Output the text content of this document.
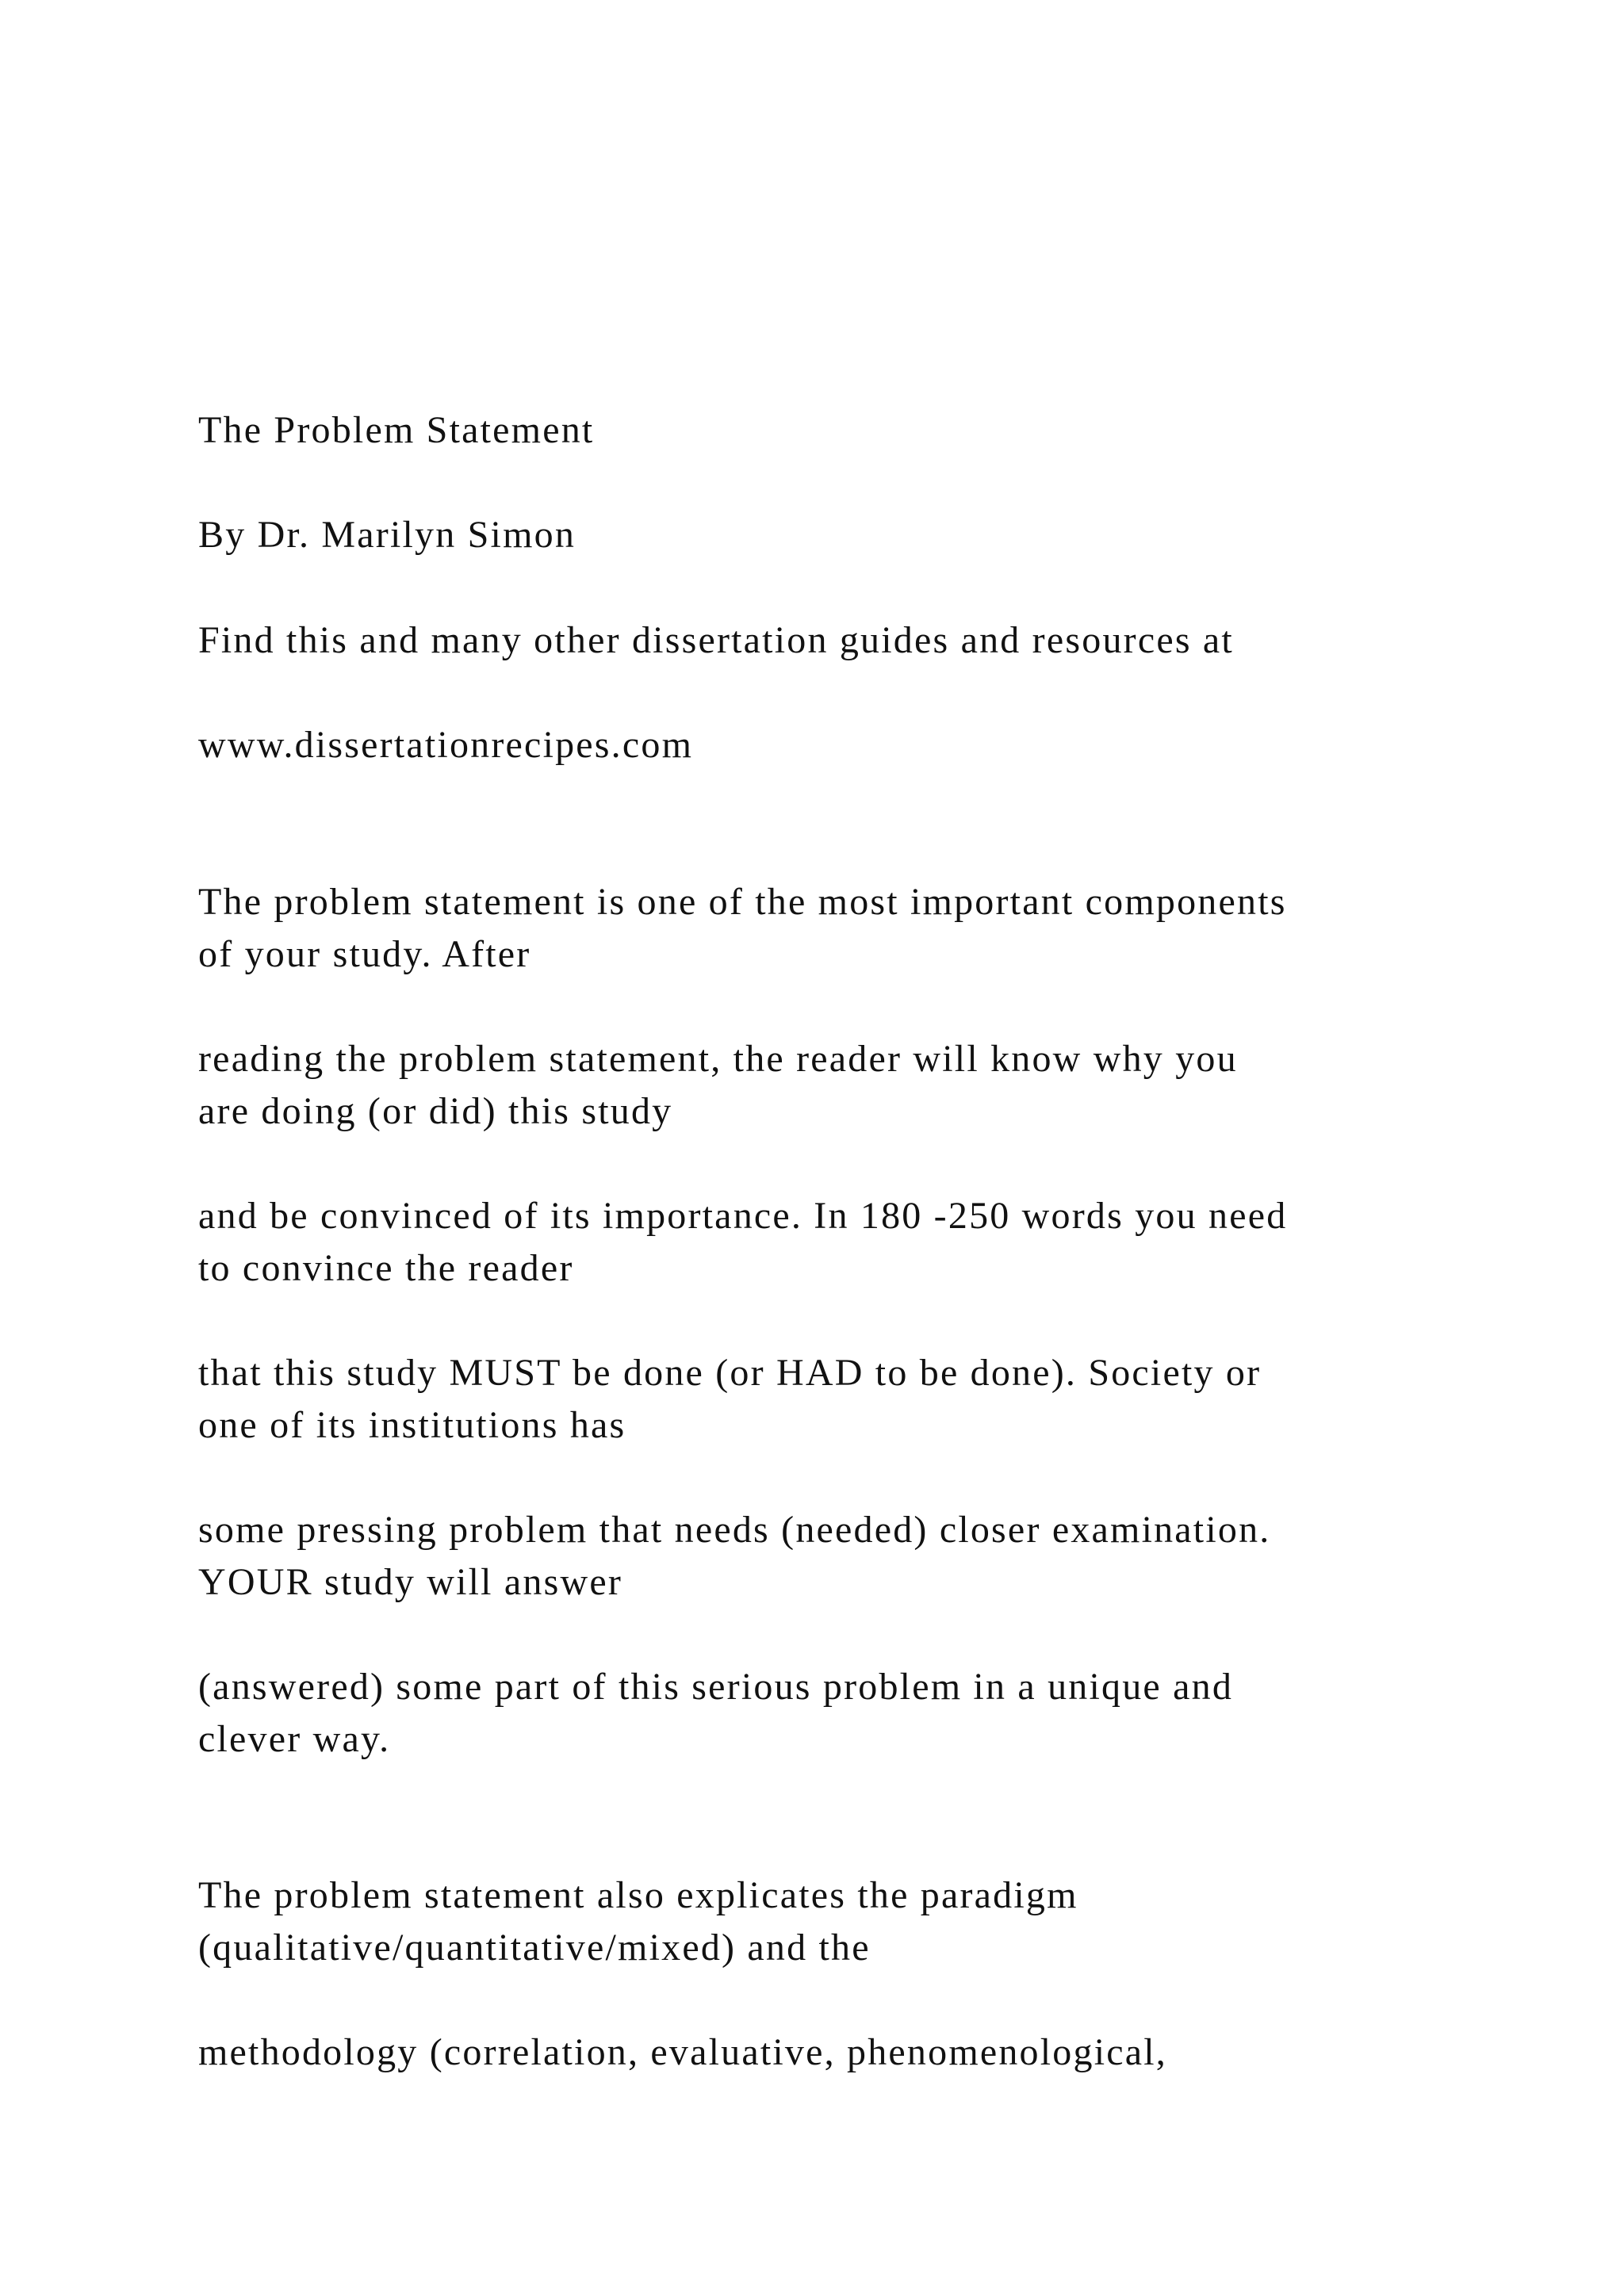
The Problem Statement

By Dr. Marilyn Simon

Find this and many other dissertation guides and resources at

www.dissertationrecipes.com

The problem statement is one of the most important components

of your study. After

reading the problem statement, the reader will know why you

are doing (or did) this study

and be convinced of its importance. In 180 -250 words you need

to convince the reader

that this study MUST be done (or HAD to be done). Society or

one of its institutions has

some pressing problem that needs (needed) closer examination.

YOUR study will answer

(answered) some part of this serious problem in a unique and

clever way.

The problem statement also explicates the paradigm

(qualitative/quantitative/mixed) and the

methodology (correlation, evaluative, phenomenological,
